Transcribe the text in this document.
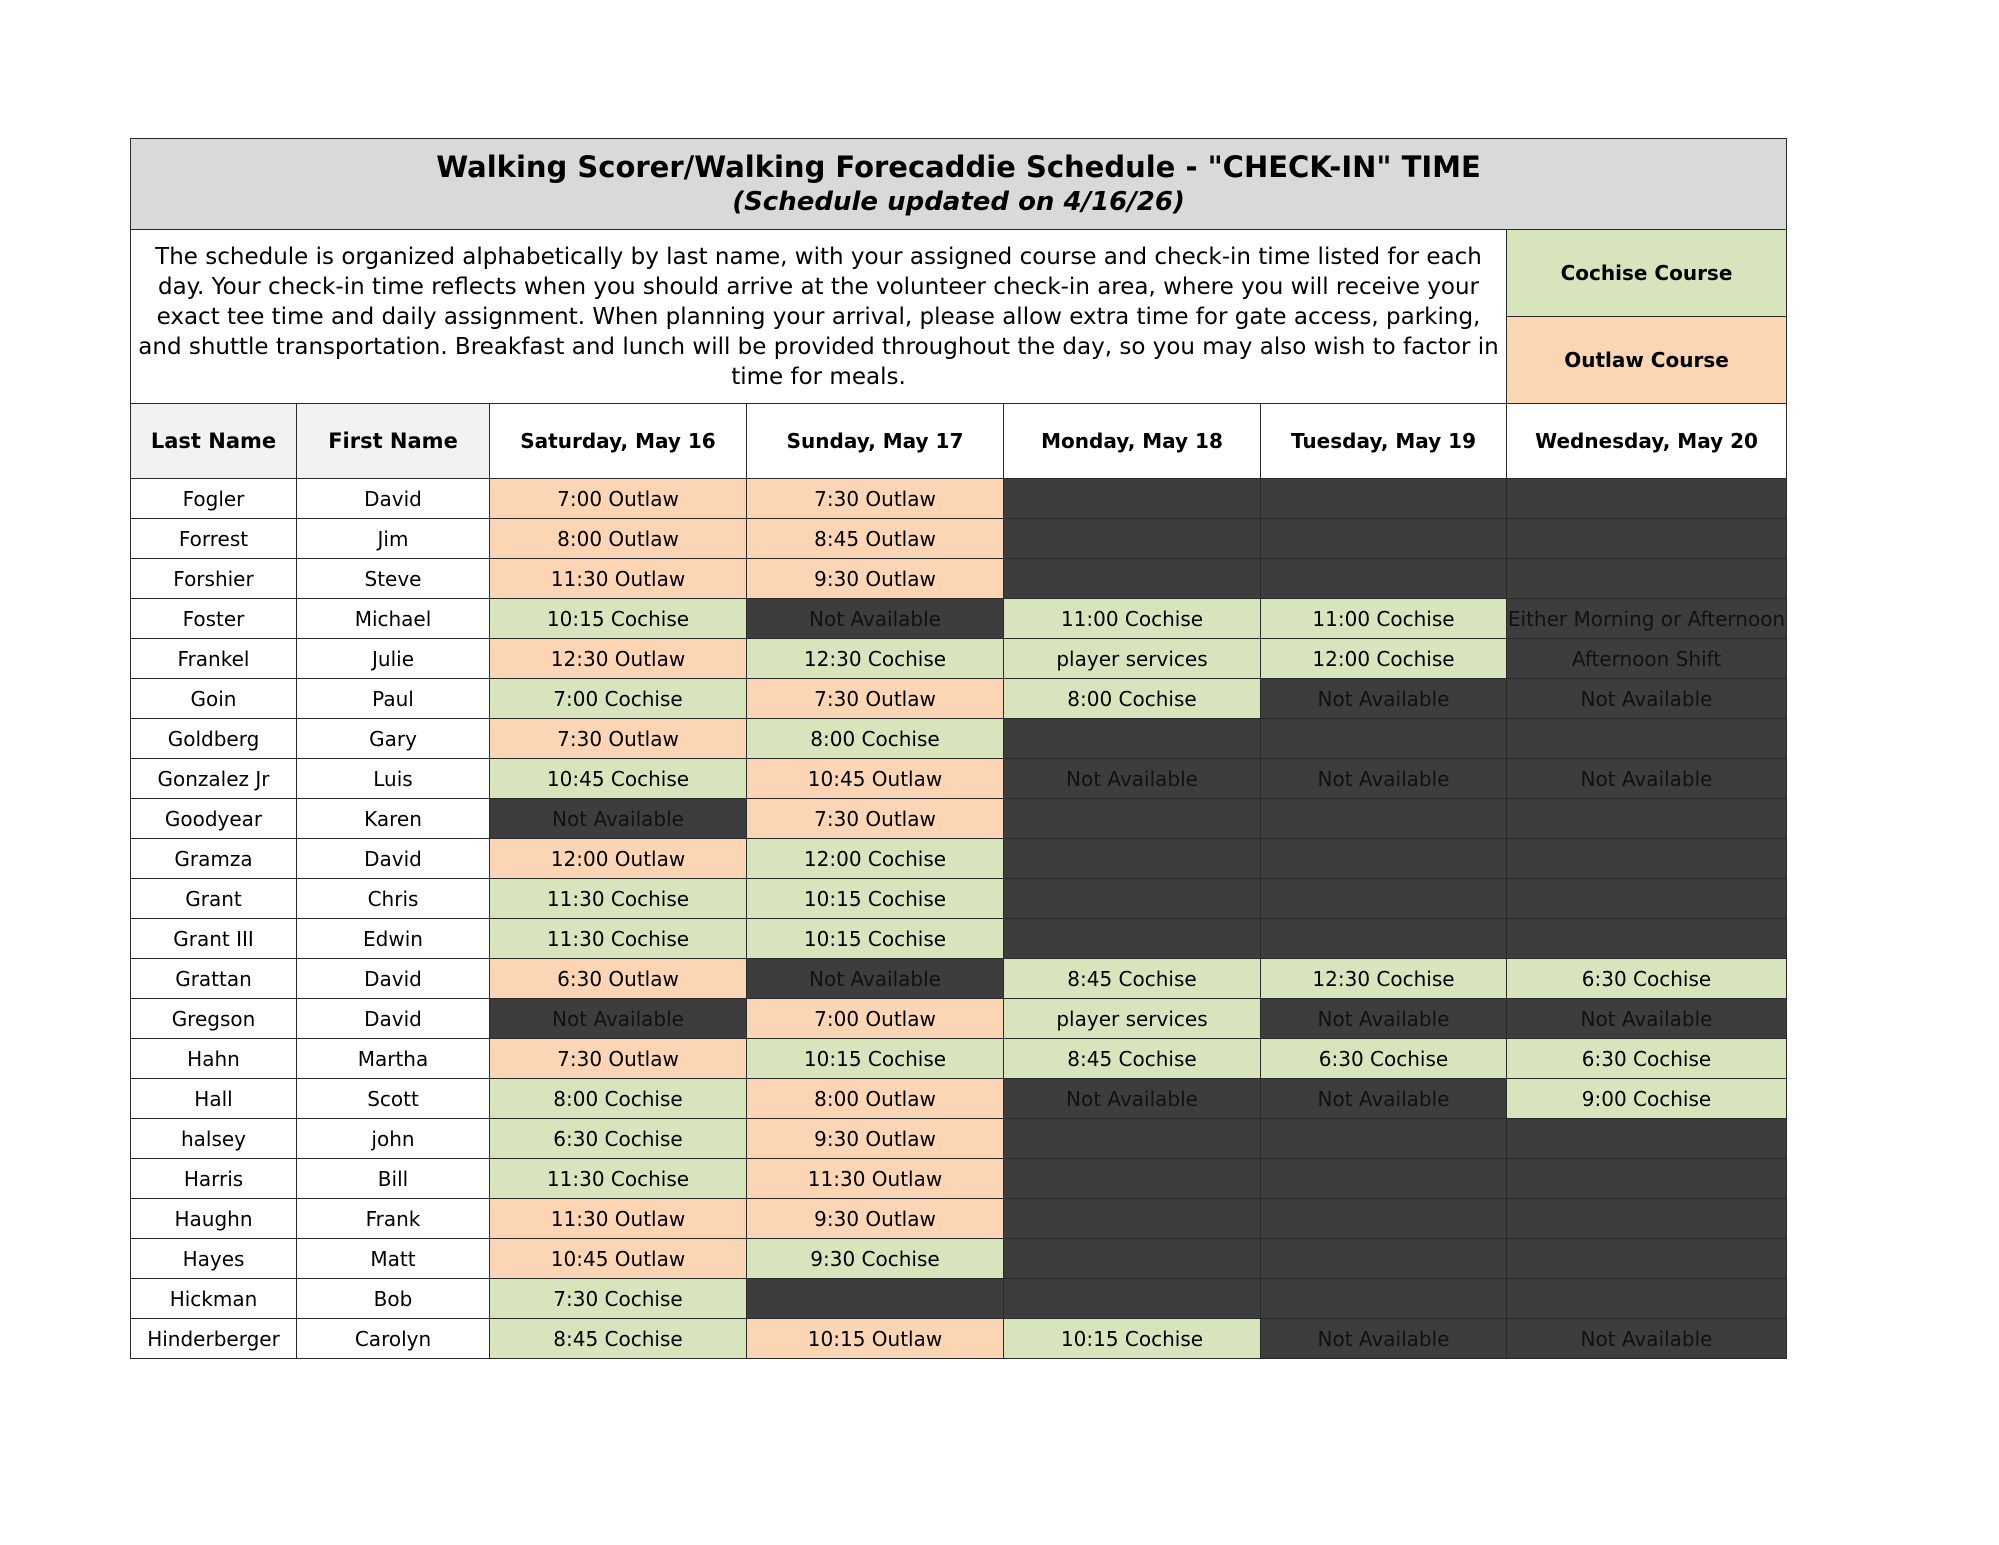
Walking Scorer/Walking Forecaddie Schedule - "CHECK-IN" TIME
(Schedule updated on 4/16/26)						

The schedule is organized alphabetically by last name, with your assigned course and check-in time listed for each day. Your check-in time reflects when you should arrive at the volunteer check-in area, where you will receive your exact tee time and daily assignment. When planning your arrival, please allow extra time for gate access, parking, and shuttle transportation. Breakfast and lunch will be provided throughout the day, so you may also wish to factor in time for meals.						Cochise Course
						Outlaw Course
Last Name	First Name	Saturday, May 16	Sunday, May 17	Monday, May 18	Tuesday, May 19	Wednesday, May 20
Fogler	David	7:00 Outlaw	7:30 Outlaw			
Forrest	Jim	8:00 Outlaw	8:45 Outlaw			
Forshier	Steve	11:30 Outlaw	9:30 Outlaw			
Foster	Michael	10:15 Cochise	Not Available	11:00 Cochise	11:00 Cochise	Either Morning or Afternoon
Frankel	Julie	12:30 Outlaw	12:30 Cochise	player services	12:00 Cochise	Afternoon Shift
Goin	Paul	7:00 Cochise	7:30 Outlaw	8:00 Cochise	Not Available	Not Available
Goldberg	Gary	7:30 Outlaw	8:00 Cochise			
Gonzalez Jr	Luis	10:45 Cochise	10:45 Outlaw	Not Available	Not Available	Not Available
Goodyear	Karen	Not Available	7:30 Outlaw			
Gramza	David	12:00 Outlaw	12:00 Cochise			
Grant	Chris	11:30 Cochise	10:15 Cochise			
Grant III	Edwin	11:30 Cochise	10:15 Cochise			
Grattan	David	6:30 Outlaw	Not Available	8:45 Cochise	12:30 Cochise	6:30 Cochise
Gregson	David	Not Available	7:00 Outlaw	player services	Not Available	Not Available
Hahn	Martha	7:30 Outlaw	10:15 Cochise	8:45 Cochise	6:30 Cochise	6:30 Cochise
Hall	Scott	8:00 Cochise	8:00 Outlaw	Not Available	Not Available	9:00 Cochise
halsey	john	6:30 Cochise	9:30 Outlaw			
Harris	Bill	11:30 Cochise	11:30 Outlaw			
Haughn	Frank	11:30 Outlaw	9:30 Outlaw			
Hayes	Matt	10:45 Outlaw	9:30 Cochise			
Hickman	Bob	7:30 Cochise				
Hinderberger	Carolyn	8:45 Cochise	10:15 Outlaw	10:15 Cochise	Not Available	Not Available
